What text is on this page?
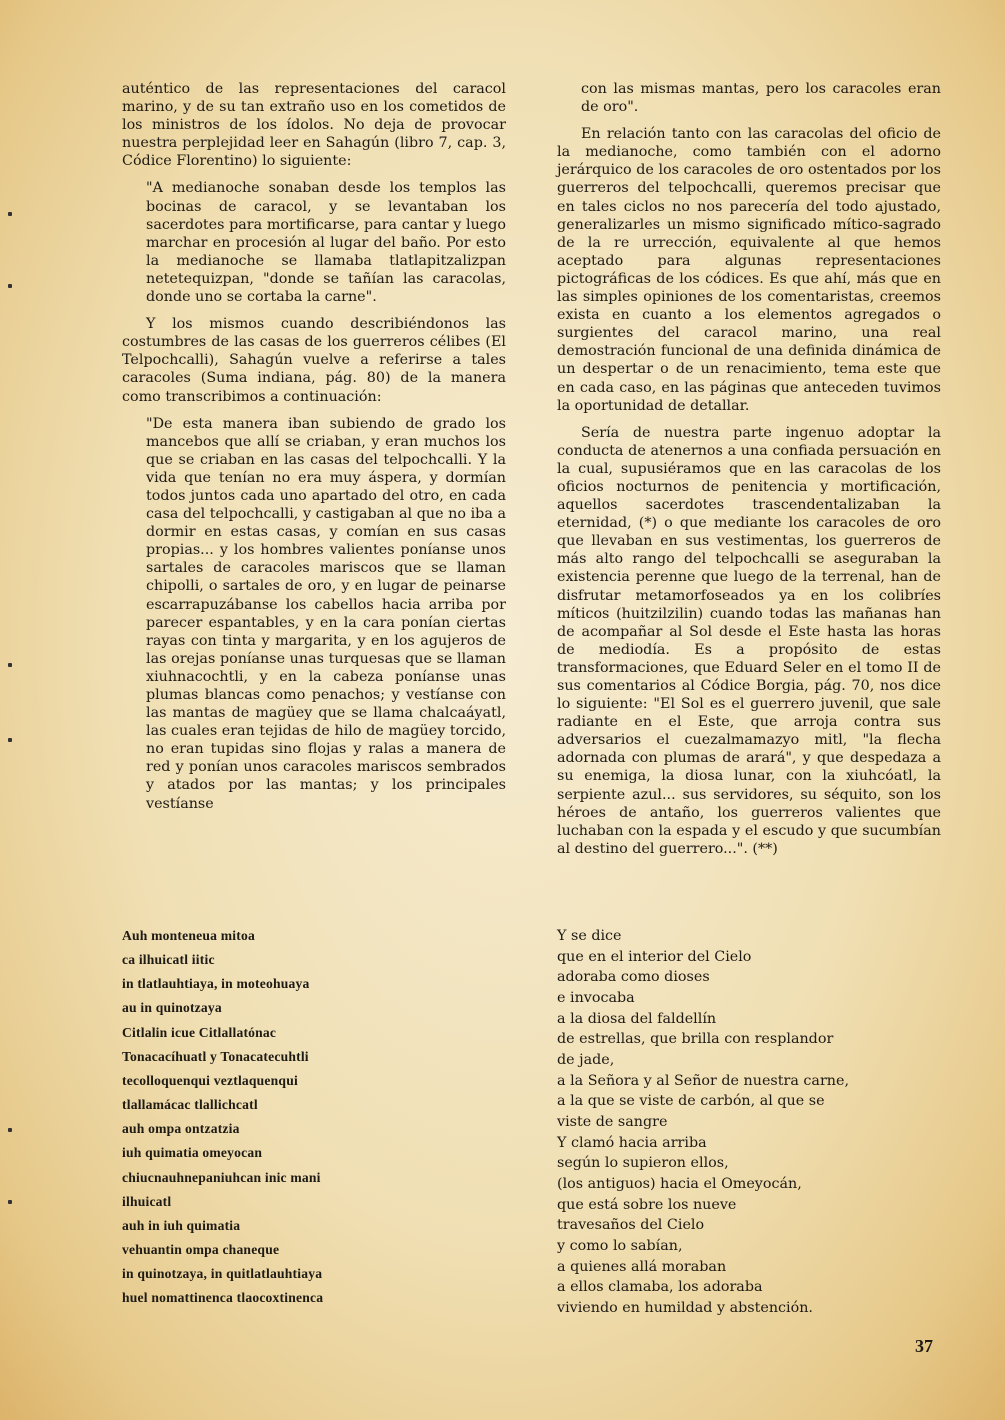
auténtico de las representaciones del caracol marino, y de su tan extraño uso en los cometidos de los ministros de los ídolos. No deja de provocar nuestra perplejidad leer en Sahagún (libro 7, cap. 3, Códice Florentino) lo siguiente:

"A medianoche sonaban desde los templos las bocinas de caracol, y se levantaban los sacerdotes para mortificarse, para cantar y luego marchar en procesión al lugar del baño. Por esto la medianoche se llamaba tlatlapitzalizpan netetequizpan, "donde se tañían las caracolas, donde uno se cortaba la carne".

Y los mismos cuando describiéndonos las costumbres de las casas de los guerreros célibes (El Telpochcalli), Sahagún vuelve a referirse a tales caracoles (Suma indiana, pág. 80) de la manera como transcribimos a continuación:

"De esta manera iban subiendo de grado los mancebos que allí se criaban, y eran muchos los que se criaban en las casas del telpochcalli. Y la vida que tenían no era muy áspera, y dormían todos juntos cada uno apartado del otro, en cada casa del telpochcalli, y castigaban al que no iba a dormir en estas casas, y comían en sus casas propias... y los hombres valientes poníanse unos sartales de caracoles mariscos que se llaman chipolli, o sartales de oro, y en lugar de peinarse escarrapuzábanse los cabellos hacia arriba por parecer espantables, y en la cara ponían ciertas rayas con tinta y margarita, y en los agujeros de las orejas poníanse unas turquesas que se llaman xiuhnacochtli, y en la cabeza poníanse unas plumas blancas como penachos; y vestíanse con las mantas de magüey que se llama chalcaáyatl, las cuales eran tejidas de hilo de magüey torcido, no eran tupidas sino flojas y ralas a manera de red y ponían unos caracoles mariscos sembrados y atados por las mantas; y los principales vestíanse

con las mismas mantas, pero los caracoles eran de oro".

En relación tanto con las caracolas del oficio de la medianoche, como también con el adorno jerárquico de los caracoles de oro ostentados por los guerreros del telpochcalli, queremos precisar que en tales ciclos no nos parecería del todo ajustado, generalizarles un mismo significado mítico-sagrado de la re urrección, equivalente al que hemos aceptado para algunas representaciones pictográficas de los códices. Es que ahí, más que en las simples opiniones de los comentaristas, creemos exista en cuanto a los elementos agregados o surgientes del caracol marino, una real demostración funcional de una definida dinámica de un despertar o de un renacimiento, tema este que en cada caso, en las páginas que anteceden tuvimos la oportunidad de detallar.

Sería de nuestra parte ingenuo adoptar la conducta de atenernos a una confiada persuación en la cual, supusiéramos que en las caracolas de los oficios nocturnos de penitencia y mortificación, aquellos sacerdotes trascendentalizaban la eternidad, (*) o que mediante los caracoles de oro que llevaban en sus vestimentas, los guerreros de más alto rango del telpochcalli se aseguraban la existencia perenne que luego de la terrenal, han de disfrutar metamorfoseados ya en los colibríes míticos (huitzilzilin) cuando todas las mañanas han de acompañar al Sol desde el Este hasta las horas de mediodía. Es a propósito de estas transformaciones, que Eduard Seler en el tomo II de sus comentarios al Códice Borgia, pág. 70, nos dice lo siguiente: "El Sol es el guerrero juvenil, que sale radiante en el Este, que arroja contra sus adversarios el cuezalmamazyo mitl, "la flecha adornada con plumas de arará", y que despedaza a su enemiga, la diosa lunar, con la xiuhcóatl, la serpiente azul... sus servidores, su séquito, son los héroes de antaño, los guerreros valientes que luchaban con la espada y el escudo y que sucumbían al destino del guerrero...". (**)

Auh monteneua mitoa
ca ilhuicatl iitic
in tlatlauhtiaya, in moteohuaya
au in quinotzaya
Citlalin icue Citlallatónac
Tonacacíhuatl y Tonacatecuhtli
tecolloquenqui veztlaquenqui
tlallamácac tlallichcatl
auh ompa ontzatzia
iuh quimatia omeyocan
chiucnauhnepaniuhcan inic mani
ilhuicatl
auh in iuh quimatia
vehuantin ompa chaneque
in quinotzaya, in quitlatlauhtiaya
huel nomattinenca tlaocoxtinenca
Y se dice
que en el interior del Cielo
adoraba como dioses
e invocaba
a la diosa del faldellín
de estrellas, que brilla con resplandor
de jade,
a la Señora y al Señor de nuestra carne,
a la que se viste de carbón, al que se
viste de sangre
Y clamó hacia arriba
según lo supieron ellos,
(los antiguos) hacia el Omeyocán,
que está sobre los nueve
travesaños del Cielo
y como lo sabían,
a quienes allá moraban
a ellos clamaba, los adoraba
viviendo en humildad y abstención.
37
